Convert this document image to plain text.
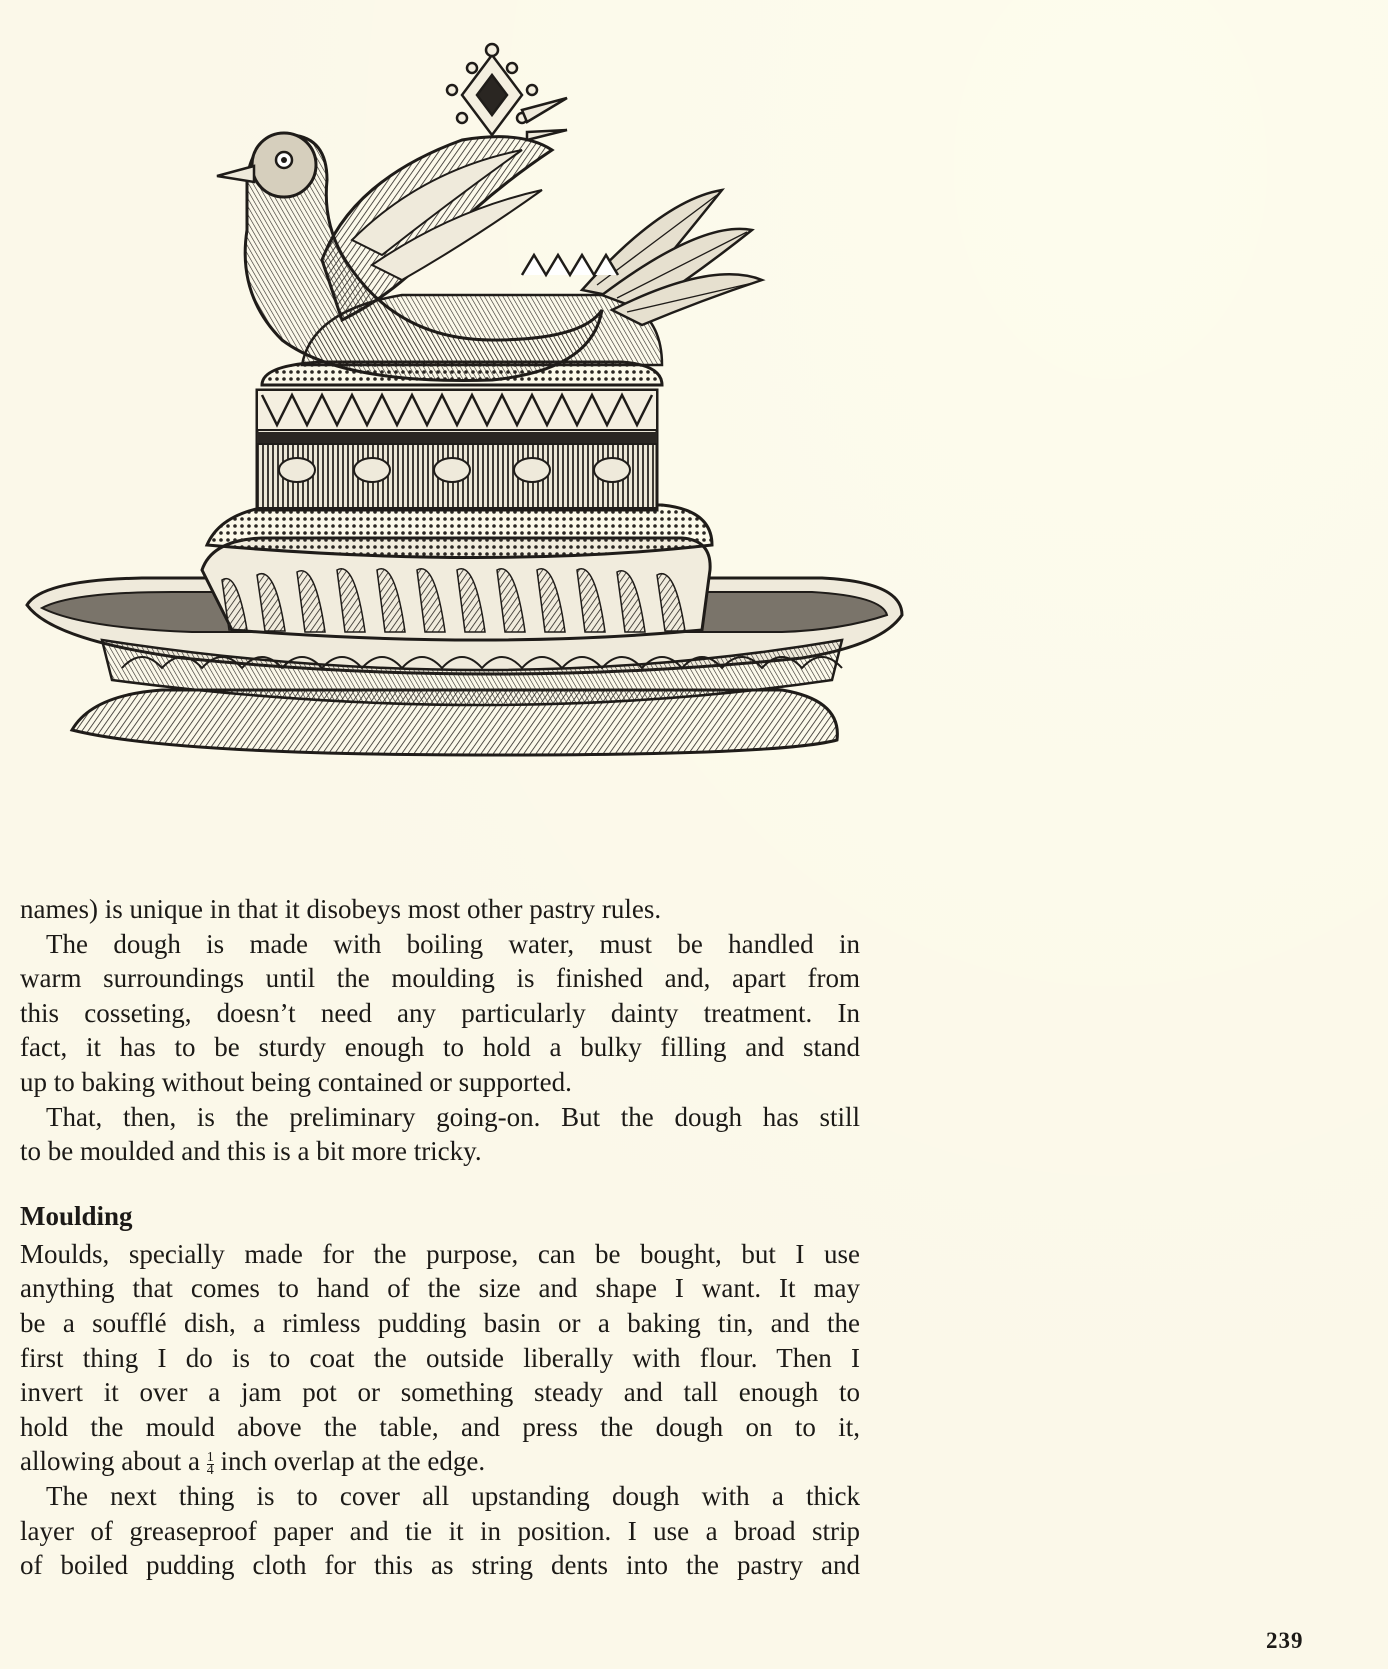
names) is unique in that it disobeys most other pastry rules.

The dough is made with boiling water, must be handled in
warm surroundings until the moulding is finished and, apart from
this cosseting, doesn’t need any particularly dainty treatment. In
fact, it has to be sturdy enough to hold a bulky filling and stand
up to baking without being contained or supported.

That, then, is the preliminary going-on. But the dough has still
to be moulded and this is a bit more tricky.

Moulding

Moulds, specially made for the purpose, can be bought, but I use
anything that comes to hand of the size and shape I want. It may
be a soufflé dish, a rimless pudding basin or a baking tin, and the
first thing I do is to coat the outside liberally with flour. Then I
invert it over a jam pot or something steady and tall enough to
hold the mould above the table, and press the dough on to it,
allowing about a $\frac{1}{4}$ inch overlap at the edge.

The next thing is to cover all upstanding dough with a thick
layer of greaseproof paper and tie it in position. I use a broad strip
of boiled pudding cloth for this as string dents into the pastry and

239
